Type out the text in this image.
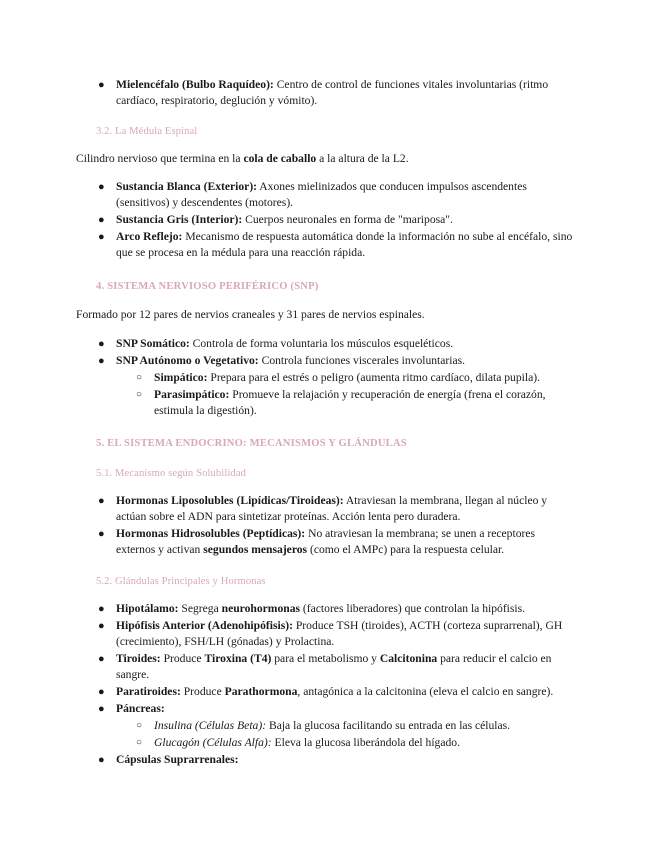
● Mielencéfalo (Bulbo Raquídeo): Centro de control de funciones vitales involuntarias (ritmo cardíaco, respiratorio, deglución y vómito).
3.2. La Médula Espinal
Cilindro nervioso que termina en la cola de caballo a la altura de la L2.
● Sustancia Blanca (Exterior): Axones mielinizados que conducen impulsos ascendentes (sensitivos) y descendentes (motores).
● Sustancia Gris (Interior): Cuerpos neuronales en forma de "mariposa".
● Arco Reflejo: Mecanismo de respuesta automática donde la información no sube al encéfalo, sino que se procesa en la médula para una reacción rápida.
4. SISTEMA NERVIOSO PERIFÉRICO (SNP)
Formado por 12 pares de nervios craneales y 31 pares de nervios espinales.
● SNP Somático: Controla de forma voluntaria los músculos esqueléticos.
● SNP Autónomo o Vegetativo: Controla funciones viscerales involuntarias.
○ Simpático: Prepara para el estrés o peligro (aumenta ritmo cardíaco, dilata pupila).
○ Parasimpático: Promueve la relajación y recuperación de energía (frena el corazón, estimula la digestión).
5. EL SISTEMA ENDOCRINO: MECANISMOS Y GLÁNDULAS
5.1. Mecanismo según Solubilidad
● Hormonas Liposolubles (Lipídicas/Tiroideas): Atraviesan la membrana, llegan al núcleo y actúan sobre el ADN para sintetizar proteínas. Acción lenta pero duradera.
● Hormonas Hidrosolubles (Peptídicas): No atraviesan la membrana; se unen a receptores externos y activan segundos mensajeros (como el AMPc) para la respuesta celular.
5.2. Glándulas Principales y Hormonas
● Hipotálamo: Segrega neurohormonas (factores liberadores) que controlan la hipófisis.
● Hipófisis Anterior (Adenohipófisis): Produce TSH (tiroides), ACTH (corteza suprarrenal), GH (crecimiento), FSH/LH (gónadas) y Prolactina.
● Tiroides: Produce Tiroxina (T4) para el metabolismo y Calcitonina para reducir el calcio en sangre.
● Paratiroides: Produce Parathormona, antagónica a la calcitonina (eleva el calcio en sangre).
● Páncreas:
○ Insulina (Células Beta): Baja la glucosa facilitando su entrada en las células.
○ Glucagón (Células Alfa): Eleva la glucosa liberándola del hígado.
● Cápsulas Suprarrenales:
